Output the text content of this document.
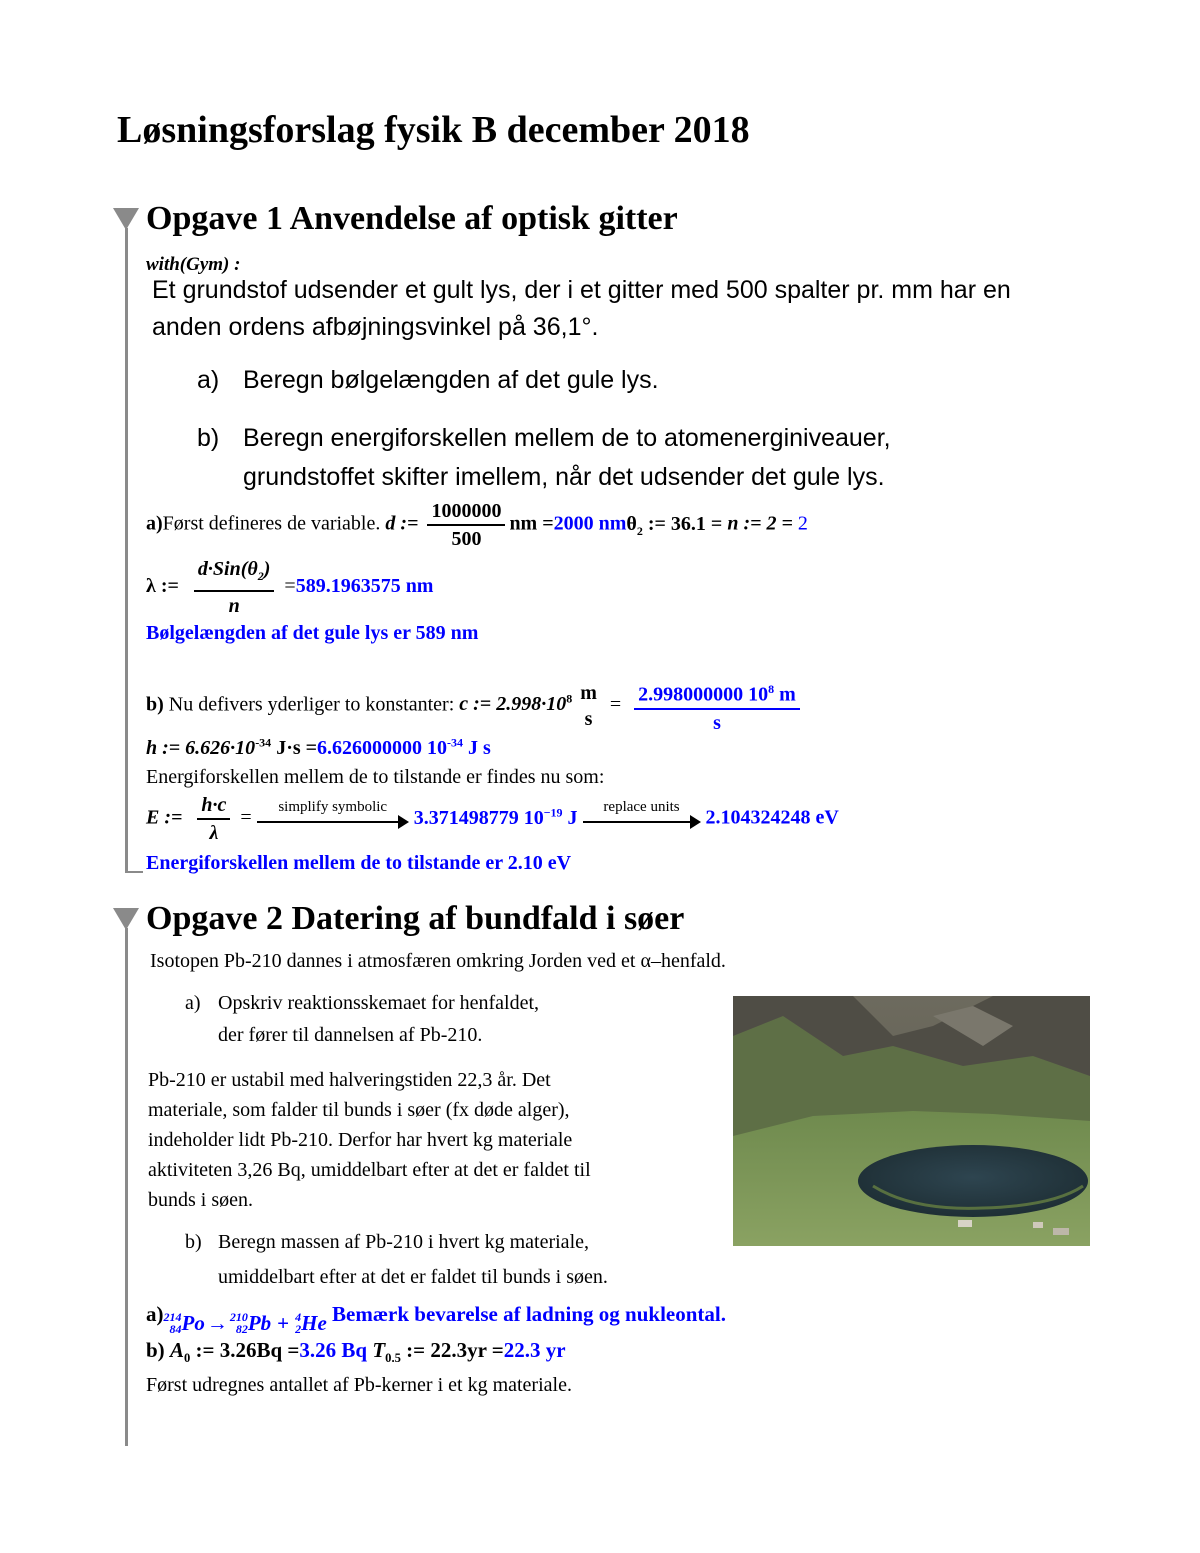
Løsningsforslag fysik B december 2018
Opgave 1 Anvendelse af optisk gitter
with(Gym) :
Et grundstof udsender et gult lys, der i et gitter med 500 spalter pr. mm har en
anden ordens afbøjningsvinkel på 36,1°.
a) Beregn bølgelængden af det gule lys.
b) Beregn energiforskellen mellem de to atomenerginiveauer,
grundstoffet skifter imellem, når det udsender det gule lys.
a)Først defineres de variable. d := $\frac{1000000}{500}$ nm =2000 nmθ$_2$ := 36.1 = n := 2 = 2
λ := $\frac{d\cdot Sin(\theta_2)}{n} =589.1963575$ nm
Bølgelængden af det gule lys er 589 nm
b) Nu defivers yderliger to konstanter: c := $2.998\cdot 10^8$ m
s
= $\frac{2.998000000 10^8 m}{s}$
h := $6.626\cdot 10^{-34}$ J·s =6.626000000 $10^{-34}$ J s
Energiforskellen mellem de to tilstande er findes nu som:
E := $\frac{h\cdot c}{\lambda}$ =	simplify symbolic	3.371498779 $10^{-19}$ J	replace units	2.104324248 eV
Energiforskellen mellem de to tilstande er 2.10 eV
Opgave 2 Datering af bundfald i søer
Isotopen Pb-210 dannes i atmosfæren omkring Jorden ved et α–henfald.
a) Opskriv reaktionsskemaet for henfaldet,
der fører til dannelsen af Pb-210.
Pb-210 er ustabil med halveringstiden 22,3 år. Det
materiale, som falder til bunds i søer (fx døde alger),
indeholder lidt Pb-210. Derfor har hvert kg materiale
aktiviteten 3,26 Bq, umiddelbart efter at det er faldet til
bunds i søen.
b) Beregn massen af Pb-210 i hvert kg materiale,
umiddelbart efter at det er faldet til bunds i søen.
a) 214
84 Po → 210
82 Pb + 4
2 He Bemærk bevarelse af ladning og nukleontal.
b) $A_0$ := 3.26Bq =3.26 Bq $T_{0.5}$ := 22.3yr =22.3 yr
Først udregnes antallet af Pb-kerner i et kg materiale.
